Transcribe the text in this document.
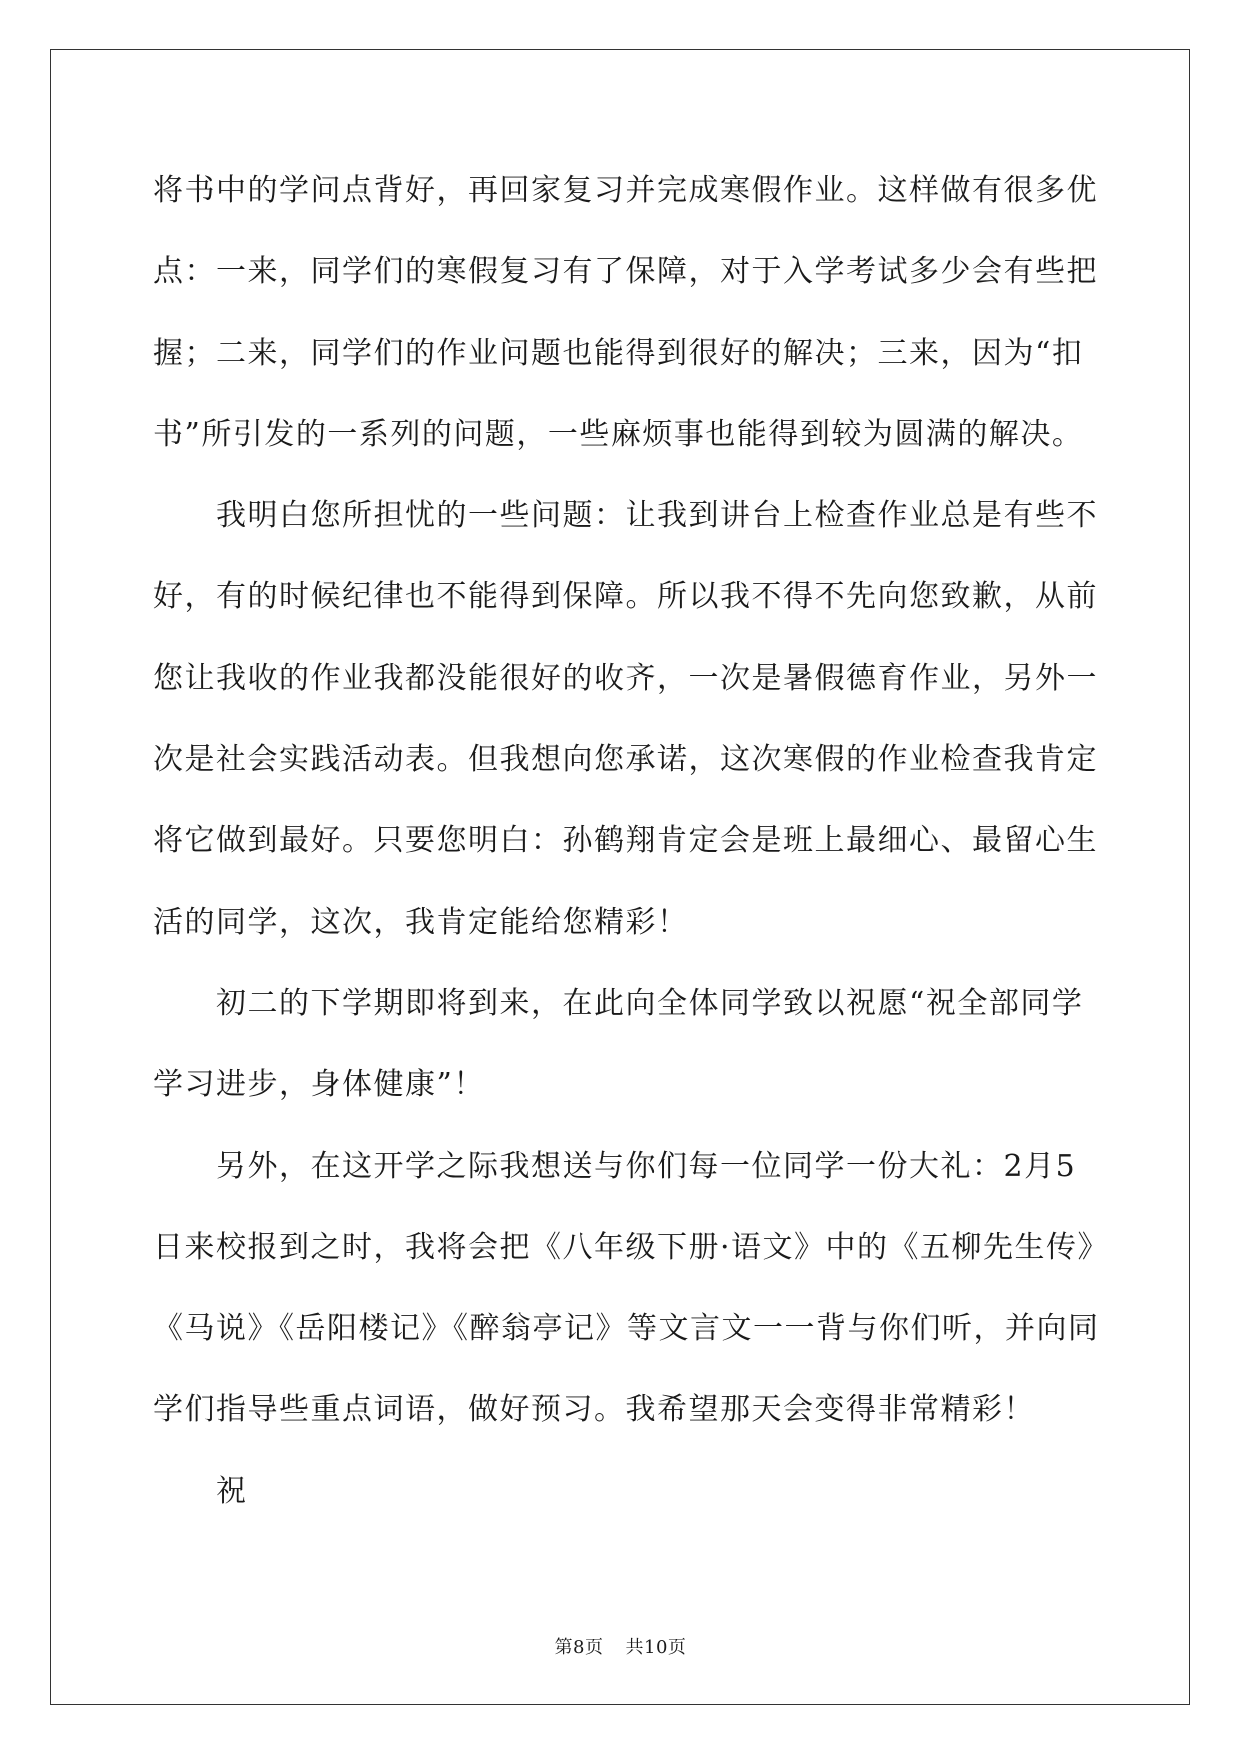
将书中的学问点背好，再回家复习并完成寒假作业。这样做有很多优
点：一来，同学们的寒假复习有了保障，对于入学考试多少会有些把
握；二来，同学们的作业问题也能得到很好的解决；三来，因为“扣
书”所引发的一系列的问题，一些麻烦事也能得到较为圆满的解决。
我明白您所担忧的一些问题：让我到讲台上检查作业总是有些不
好，有的时候纪律也不能得到保障。所以我不得不先向您致歉，从前
您让我收的作业我都没能很好的收齐，一次是暑假德育作业，另外一
次是社会实践活动表。但我想向您承诺，这次寒假的作业检查我肯定
将它做到最好。只要您明白：孙鹤翔肯定会是班上最细心、最留心生
活的同学，这次，我肯定能给您精彩！
初二的下学期即将到来，在此向全体同学致以祝愿“祝全部同学
学习进步，身体健康”！
另外，在这开学之际我想送与你们每一位同学一份大礼：2月5
日来校报到之时，我将会把《八年级下册·语文》中的《五柳先生传》
《马说》《岳阳楼记》《醉翁亭记》等文言文一一背与你们听，并向同
学们指导些重点词语，做好预习。我希望那天会变得非常精彩！
祝
第8页 共10页
